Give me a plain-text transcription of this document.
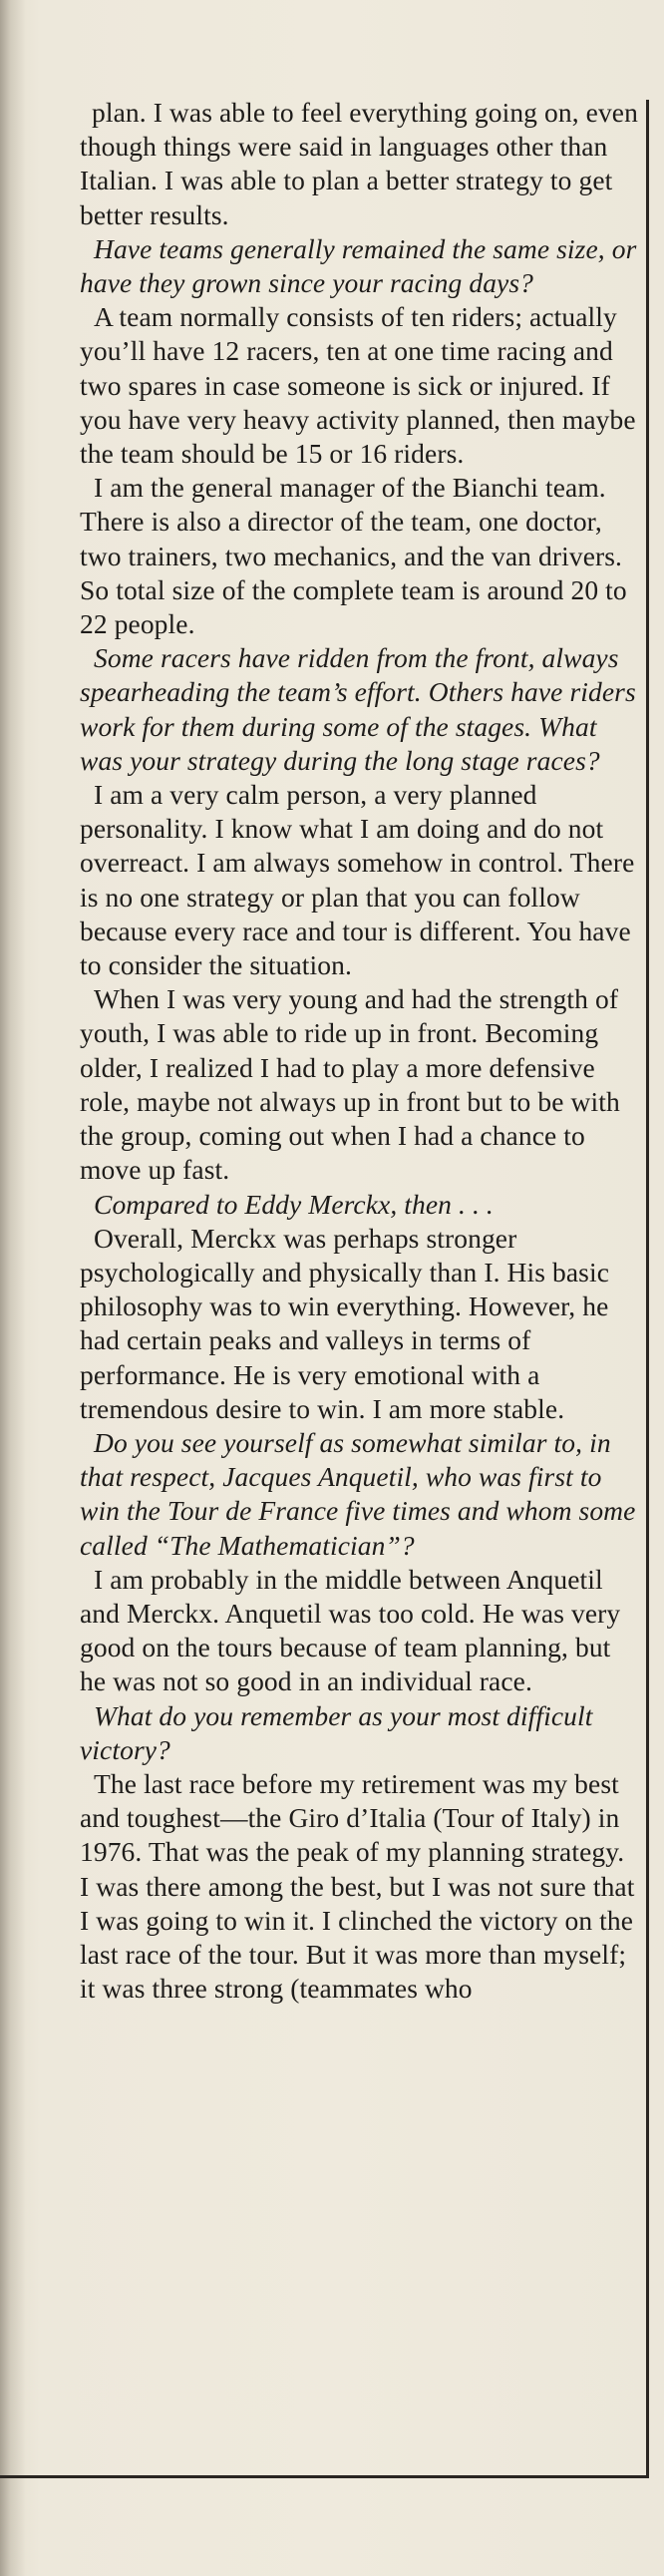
plan. I was able to feel everything going on, even though things were said in languages other than Italian. I was able to plan a better strategy to get better results.

Have teams generally remained the same size, or have they grown since your racing days?

A team normally consists of ten riders; actually you’ll have 12 racers, ten at one time racing and two spares in case someone is sick or injured. If you have very heavy activity planned, then maybe the team should be 15 or 16 riders.

I am the general manager of the Bianchi team. There is also a director of the team, one doctor, two trainers, two mechanics, and the van drivers. So total size of the complete team is around 20 to 22 people.

Some racers have ridden from the front, always spearheading the team’s effort. Others have riders work for them during some of the stages. What was your strategy during the long stage races?

I am a very calm person, a very planned personality. I know what I am doing and do not overreact. I am always somehow in control. There is no one strategy or plan that you can follow because every race and tour is different. You have to consider the situation.

When I was very young and had the strength of youth, I was able to ride up in front. Becoming older, I realized I had to play a more defensive role, maybe not always up in front but to be with the group, coming out when I had a chance to move up fast.

Compared to Eddy Merckx, then . . .

Overall, Merckx was perhaps stronger psychologically and physically than I. His basic philosophy was to win everything. However, he had certain peaks and valleys in terms of performance. He is very emotional with a tremendous desire to win. I am more stable.

Do you see yourself as somewhat similar to, in that respect, Jacques Anquetil, who was first to win the Tour de France five times and whom some called “The Mathematician”?

I am probably in the middle between Anquetil and Merckx. Anquetil was too cold. He was very good on the tours because of team planning, but he was not so good in an individual race.

What do you remember as your most difficult victory?

The last race before my retirement was my best and toughest—the Giro d’Italia (Tour of Italy) in 1976. That was the peak of my planning strategy. I was there among the best, but I was not sure that I was going to win it. I clinched the victory on the last race of the tour. But it was more than myself; it was three strong (teammates who
